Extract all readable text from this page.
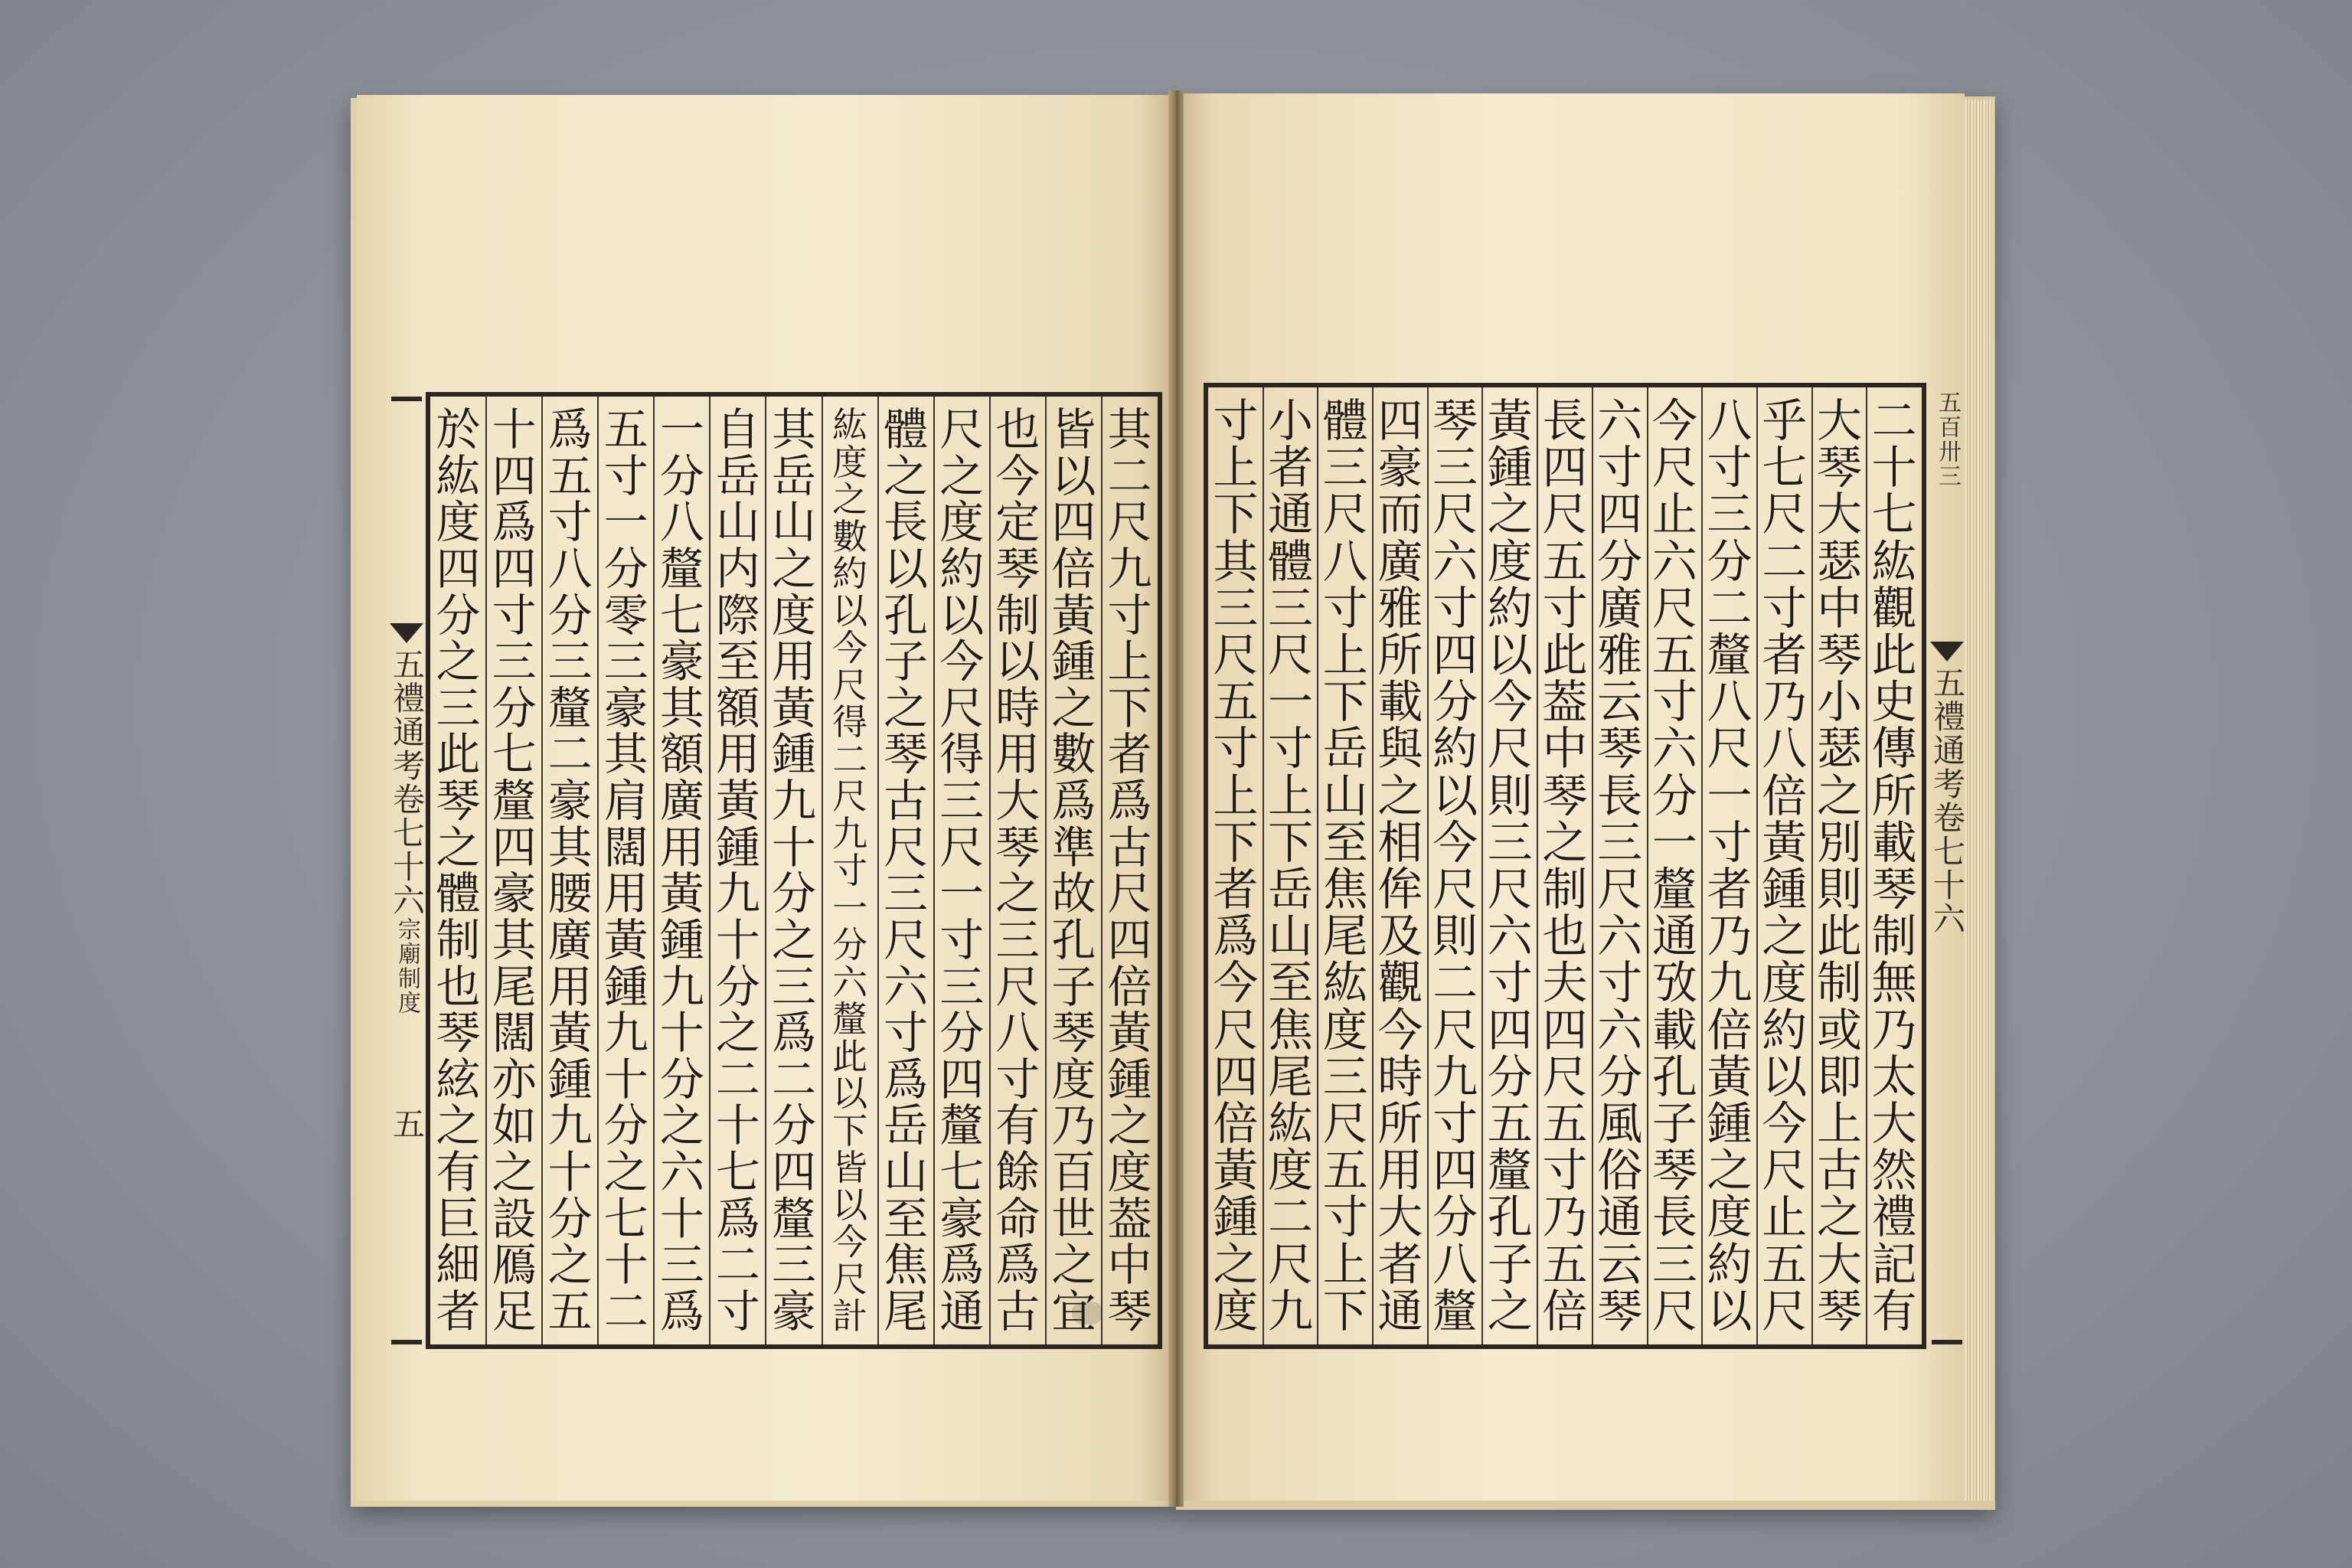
五禮通考
卷七十六
宗廟制度
五
其
二
尺
九
寸
上
下
者
爲
古
尺
四
倍
黃
鍾
之
度
葢
中
琴
皆
以
四
倍
黃
鍾
之
數
爲
準
故
孔
子
琴
度
乃
百
世
之
宜
也
今
定
琴
制
以
時
用
大
琴
之
三
尺
八
寸
有
餘
命
爲
古
尺
之
度
約
以
今
尺
得
三
尺
一
寸
三
分
四
釐
七
豪
爲
通
體
之
長
以
孔
子
之
琴
古
尺
三
尺
六
寸
爲
岳
山
至
焦
尾
紘
度
之
數
約
以
今
尺
得
二
尺
九
寸
一
分
六
釐
此
以
下
皆
以
今
尺
計
其
岳
山
之
度
用
黃
鍾
九
十
分
之
三
爲
二
分
四
釐
三
豪
自
岳
山
内
際
至
額
用
黃
鍾
九
十
分
之
二
十
七
爲
二
寸
一
分
八
釐
七
豪
其
額
廣
用
黃
鍾
九
十
分
之
六
十
三
爲
五
寸
一
分
零
三
豪
其
肩
闊
用
黃
鍾
九
十
分
之
七
十
二
爲
五
寸
八
分
三
釐
二
豪
其
腰
廣
用
黃
鍾
九
十
分
之
五
十
四
爲
四
寸
三
分
七
釐
四
豪
其
尾
闊
亦
如
之
設
鴈
足
於
紘
度
四
分
之
三
此
琴
之
體
制
也
琴
絃
之
有
巨
細
者
五百卅三
五禮通考
卷七十六
二
十
七
紘
觀
此
史
傳
所
載
琴
制
無
乃
太
大
然
禮
記
有
大
琴
大
瑟
中
琴
小
瑟
之
別
則
此
制
或
即
上
古
之
大
琴
乎
七
尺
二
寸
者
乃
八
倍
黃
鍾
之
度
約
以
今
尺
止
五
尺
八
寸
三
分
二
釐
八
尺
一
寸
者
乃
九
倍
黃
鍾
之
度
約
以
今
尺
止
六
尺
五
寸
六
分
一
釐
通
攷
載
孔
子
琴
長
三
尺
六
寸
四
分
廣
雅
云
琴
長
三
尺
六
寸
六
分
風
俗
通
云
琴
長
四
尺
五
寸
此
葢
中
琴
之
制
也
夫
四
尺
五
寸
乃
五
倍
黃
鍾
之
度
約
以
今
尺
則
三
尺
六
寸
四
分
五
釐
孔
子
之
琴
三
尺
六
寸
四
分
約
以
今
尺
則
二
尺
九
寸
四
分
八
釐
四
豪
而
廣
雅
所
載
與
之
相
侔
及
觀
今
時
所
用
大
者
通
體
三
尺
八
寸
上
下
岳
山
至
焦
尾
紘
度
三
尺
五
寸
上
下
小
者
通
體
三
尺
一
寸
上
下
岳
山
至
焦
尾
紘
度
二
尺
九
寸
上
下
其
三
尺
五
寸
上
下
者
爲
今
尺
四
倍
黃
鍾
之
度
